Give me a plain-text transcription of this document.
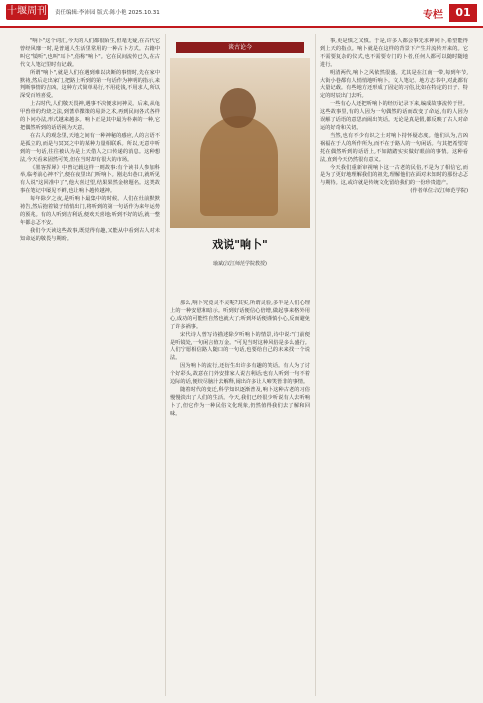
十堰周刊 责任编辑:李沛园 版式:陈小艳 2025.10.31	专栏	01

"响卜"这个词汇,今天的人们都很陌生,但毫无疑,在古代它曾经风靡一时,是普通人生活里常用的一种占卜方式。古籍中叫它"镜听",也叫"耳卜",俗称"响卜"。它在民间流传已久,在古代文人笔记里时有记载。

所谓"响卜",就是人们在遇到难以决断的事情时,先在家中默祷,然后走出家门,把路上听到的第一句话作为神明的指示,来判断事情的吉凶。这种方式简单易行,不用花钱,不用求人,所以深受百姓喜爱。

上古时代,人们敬天畏神,遇事不决便求问神灵。后来,从龟甲兽骨的灼烧之法,到蓍草揲策的易卦之术,再到民间各式各样的卜问办法,形式越来越多。响卜正是其中最为朴素的一种,它把偶然听到的话语视为天意。

在古人的观念里,天地之间有一种神秘的感应,人的言语不是孤立的,而是与冥冥之中的某种力量相联系。所以,无意中听到的一句话,往往被认为是上天借人之口传递的消息。这种想法,今天看来固然可笑,但在当时却有很大的市场。

《墨客挥犀》中曾记载这样一则故事:有个读书人参加科举,临考前心神不宁,便在夜里出门听响卜。刚走出巷口,就听见有人说"这回准中了",他大喜过望,结果果然金榜题名。这类故事在笔记中屡见不鲜,也让响卜越传越神。

每年除夕之夜,是听响卜最集中的时候。人们在灶前默默祷告,然后抱着镜子悄悄出门,将听到的第一句话作为来年运势的预兆。有的人听到吉利话,便欢天喜地;听到不好的话,就一整年都忐忑不安。

我们今天读这些故事,既觉得有趣,又能从中看到古人对未知命运的敬畏与期盼。

谈古论今
戏说"响卜"
瑜斌(汉江师范学院教授)

那么,响卜究竟灵不灵呢?其实,所谓灵验,多半是人们心理上的一种安慰和暗示。听到好话便信心倍增,做起事来格外用心,成功的可能性自然也就大了;听到坏话便谨慎小心,反而避免了许多祸事。

宋代诗人曾写诗描述除夕听响卜的情景,诗中说:"门前便是听镜处,一句闲言值万金。"可见当时这种风俗是多么盛行。人们宁愿相信路人随口的一句话,也要给自己的未来找一个说法。

因为响卜的流行,还衍生出许多有趣的笑话。有人为了讨个好彩头,故意在门外安排家人说吉利话;也有人听到一句不着边际的话,便绞尽脑汁去解释,闹出许多让人啼笑皆非的事情。

随着时代的变迁,科学知识逐渐普及,响卜这种古老的习俗慢慢淡出了人们的生活。今天,我们已经很少听说有人去听响卜了,但它作为一种民俗文化现象,仍然值得我们去了解和回味。

事,更是慎之又慎。于是,许多人都会事先求神问卜,希望能得到上天的指点。响卜就是在这样的背景下产生并流传开来的。它不需要复杂的仪式,也不需要专门的卜者,任何人都可以随时随地进行。

明清两代,响卜之风依然很盛。尤其是在江南一带,每到年节,大街小巷都有人悄悄地听响卜。文人笔记、地方志书中,对此都有大量记载。有些地方还形成了固定的习俗,比如在特定的日子、特定的时辰出门去听。

一些有心人还把听响卜的经历记录下来,编成故事流传于世。这些故事里,有的人因为一句偶然的话而改变了命运,有的人因为误解了话语的意思而闹出笑话。无论是真是假,都反映了古人对命运的好奇和关切。

当然,也有不少有识之士对响卜持怀疑态度。他们认为,吉凶祸福在于人的所作所为,而不在于路人的一句闲话。与其把希望寄托在偶然听到的话语上,不如踏踏实实做好眼前的事情。这种看法,直到今天仍然很有意义。

今天我们重新审视响卜这一古老的民俗,不是为了相信它,而是为了更好地理解我们的祖先,理解他们在面对未知时的那份忐忑与期待。这,或许就是传统文化留给我们的一份珍贵遗产。

(作者单位:汉江师范学院)
